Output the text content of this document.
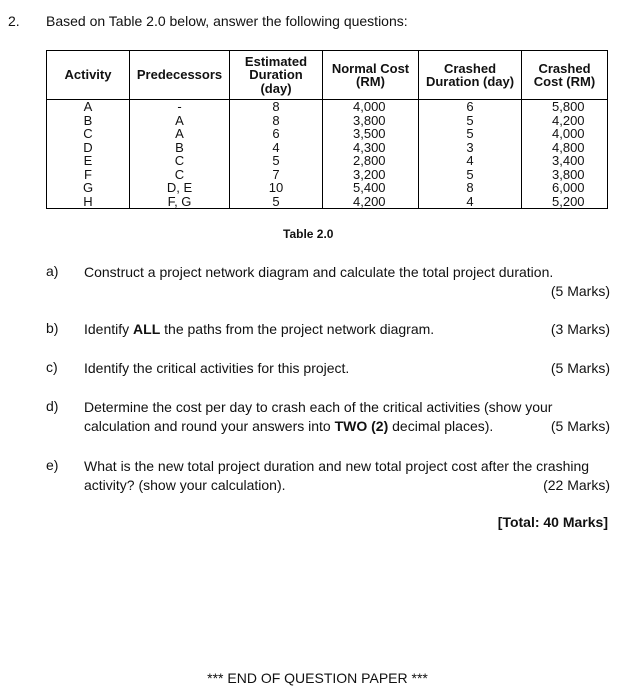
2. Based on Table 2.0 below, answer the following questions:
Activity	Predecessors	Estimated Duration (day)	Normal Cost (RM)	Crashed Duration (day)	Crashed Cost (RM)
A	-	8	4,000	6	5,800
B	A	8	3,800	5	4,200
C	A	6	3,500	5	4,000
D	B	4	4,300	3	4,800
E	C	5	2,800	4	3,400
F	C	7	3,200	5	3,800
G	D, E	10	5,400	8	6,000
H	F, G	5	4,200	4	5,200
Table 2.0
a) Construct a project network diagram and calculate the total project duration.
(5 Marks)
b) Identify ALL the paths from the project network diagram.	(3 Marks)
c) Identify the critical activities for this project.	(5 Marks)
d) Determine the cost per day to crash each of the critical activities (show your
calculation and round your answers into TWO (2) decimal places).	(5 Marks)
e) What is the new total project duration and new total project cost after the crashing
activity? (show your calculation).	(22 Marks)
[Total: 40 Marks]
*** END OF QUESTION PAPER ***
